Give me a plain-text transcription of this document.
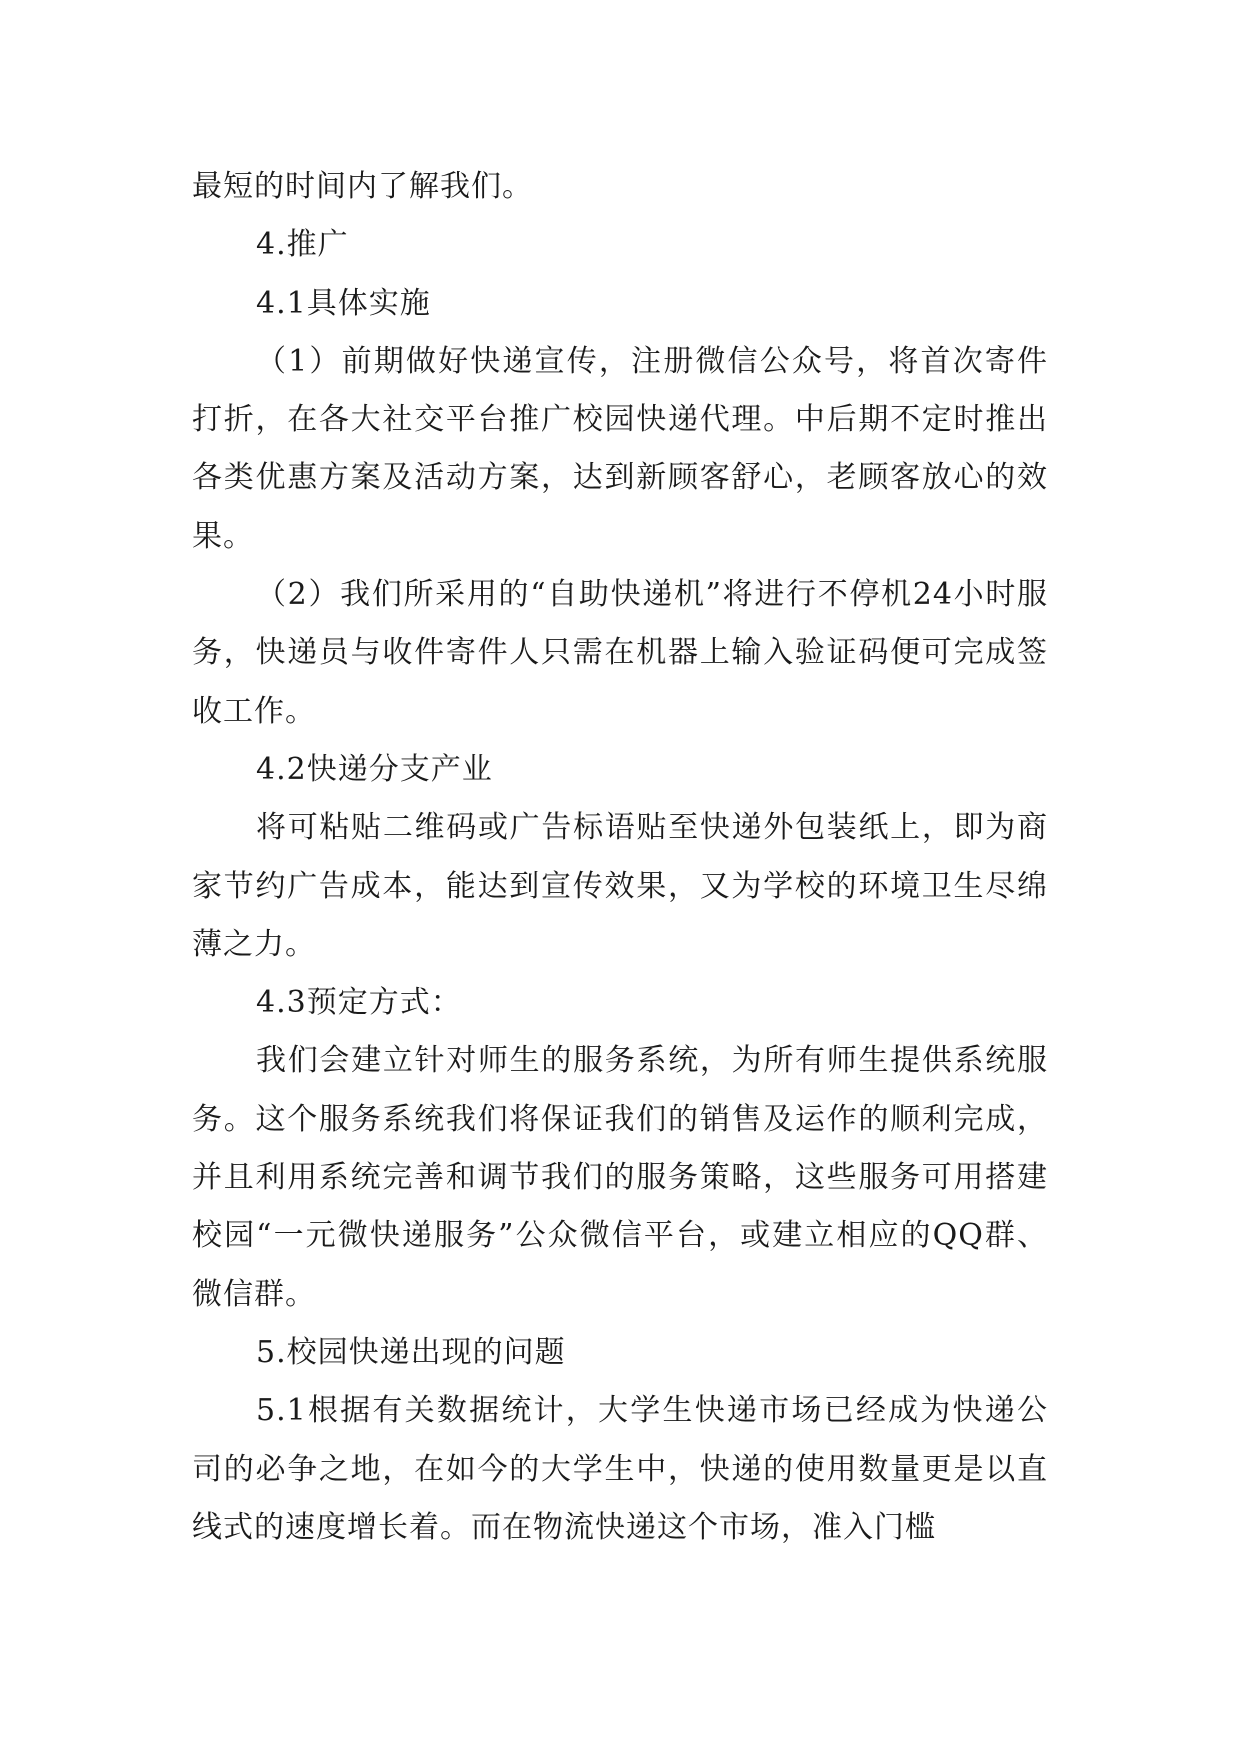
最短的时间内了解我们。

4.推广

4.1具体实施

（1）前期做好快递宣传，注册微信公众号，将首次寄件打折，在各大社交平台推广校园快递代理。中后期不定时推出各类优惠方案及活动方案，达到新顾客舒心，老顾客放心的效果。

（2）我们所采用的“自助快递机”将进行不停机24小时服务，快递员与收件寄件人只需在机器上输入验证码便可完成签收工作。

4.2快递分支产业

将可粘贴二维码或广告标语贴至快递外包装纸上，即为商家节约广告成本，能达到宣传效果，又为学校的环境卫生尽绵薄之力。

4.3预定方式：

我们会建立针对师生的服务系统，为所有师生提供系统服务。这个服务系统我们将保证我们的销售及运作的顺利完成，并且利用系统完善和调节我们的服务策略，这些服务可用搭建校园“一元微快递服务”公众微信平台，或建立相应的QQ群、微信群。

5.校园快递出现的问题

5.1根据有关数据统计，大学生快递市场已经成为快递公司的必争之地，在如今的大学生中，快递的使用数量更是以直线式的速度增长着。而在物流快递这个市场，准入门槛
